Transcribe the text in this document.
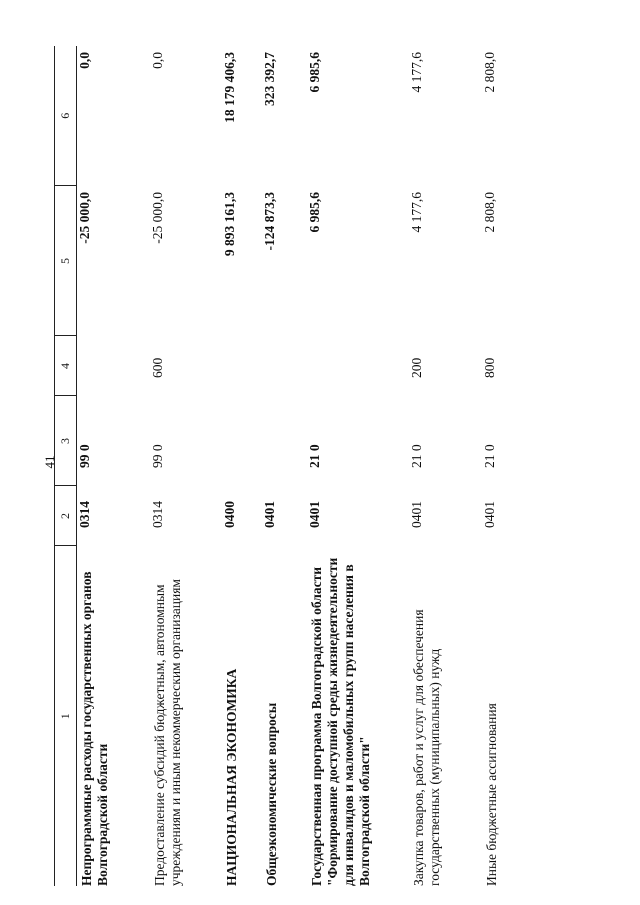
41
1	2	3	4	5	6
Непрограммные расходы государственных органов Волгоградской области	0314	99 0		-25 000,0	0,0
Предоставление субсидий бюджетным, автономным учреждениям и иным некоммерческим организациям	0314	99 0	600	-25 000,0	0,0
НАЦИОНАЛЬНАЯ ЭКОНОМИКА	0400			9 893 161,3	18 179 406,3
Общеэкономические вопросы	0401			-124 873,3	323 392,7
Государственная программа Волгоградской области "Формирование доступной среды жизнедеятельности для инвалидов и маломобильных групп населения в Волгоградской области"	0401	21 0		6 985,6	6 985,6
Закупка товаров, работ и услуг для обеспечения государственных (муниципальных) нужд	0401	21 0	200	4 177,6	4 177,6
Иные бюджетные ассигнования	0401	21 0	800	2 808,0	2 808,0
